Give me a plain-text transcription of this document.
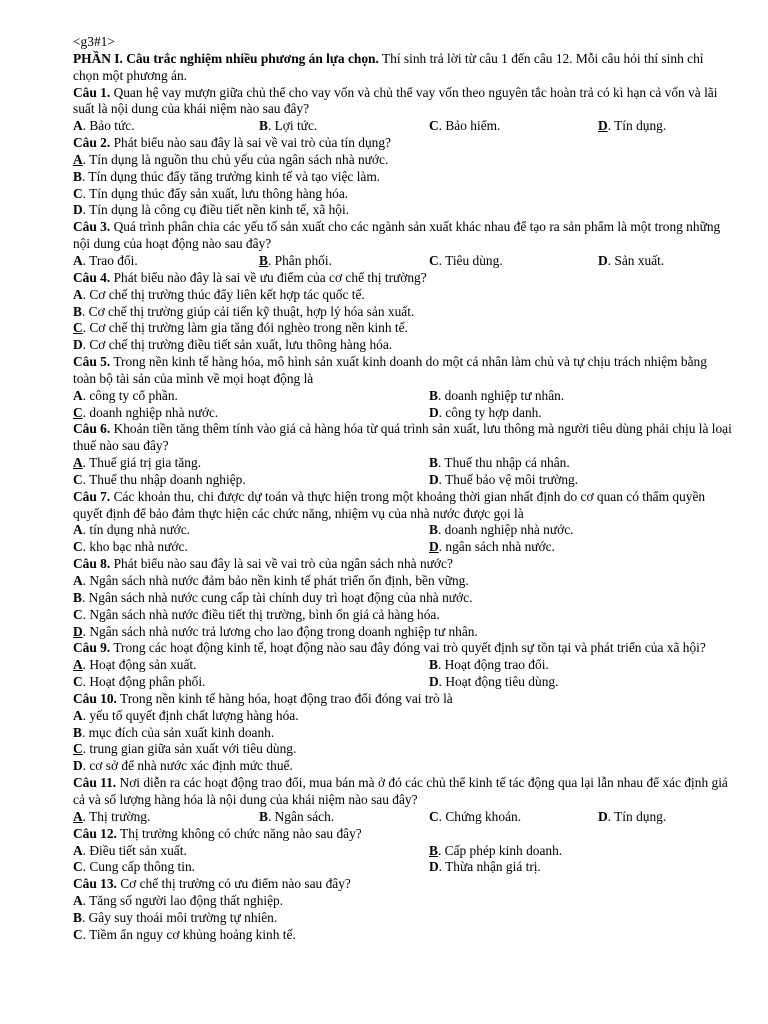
<g3#1>
PHẦN I. Câu trắc nghiệm nhiều phương án lựa chọn. Thí sinh trả lời từ câu 1 đến câu 12. Mỗi câu hỏi thí sinh chỉ chọn một phương án.
Câu 1. Quan hệ vay mượn giữa chủ thể cho vay vốn và chủ thể vay vốn theo nguyên tắc hoàn trả có kì hạn cả vốn và lãi suất là nội dung của khái niệm nào sau đây?
A. Bảo tức.	B. Lợi tức.	C. Bảo hiểm.	D. Tín dụng.
Câu 2. Phát biểu nào sau đây là sai về vai trò của tín dụng?
A. Tín dụng là nguồn thu chủ yếu của ngân sách nhà nước.
B. Tín dụng thúc đẩy tăng trưởng kinh tế và tạo việc làm.
C. Tín dụng thúc đẩy sản xuất, lưu thông hàng hóa.
D. Tín dụng là công cụ điều tiết nền kinh tế, xã hội.
Câu 3. Quá trình phân chia các yếu tố sản xuất cho các ngành sản xuất khác nhau để tạo ra sản phẩm là một trong những nội dung của hoạt động nào sau đây?
A. Trao đổi.	B. Phân phối.	C. Tiêu dùng.	D. Sản xuất.
Câu 4. Phát biểu nào đây là sai về ưu điểm của cơ chế thị trường?
A. Cơ chế thị trường thúc đẩy liên kết hợp tác quốc tế.
B. Cơ chế thị trường giúp cải tiến kỹ thuật, hợp lý hóa sản xuất.
C. Cơ chế thị trường làm gia tăng đói nghèo trong nền kinh tế.
D. Cơ chế thị trường điều tiết sản xuất, lưu thông hàng hóa.
Câu 5. Trong nền kinh tế hàng hóa, mô hình sản xuất kinh doanh do một cá nhân làm chủ và tự chịu trách nhiệm bằng toàn bộ tài sản của mình về mọi hoạt động là
A. công ty cổ phần.	B. doanh nghiệp tư nhân.
C. doanh nghiệp nhà nước.	D. công ty hợp danh.
Câu 6. Khoản tiền tăng thêm tính vào giá cả hàng hóa từ quá trình sản xuất, lưu thông mà người tiêu dùng phải chịu là loại thuế nào sau đây?
A. Thuế giá trị gia tăng.	B. Thuế thu nhập cá nhân.
C. Thuế thu nhập doanh nghiệp.	D. Thuế bảo vệ môi trường.
Câu 7. Các khoản thu, chi được dự toán và thực hiện trong một khoảng thời gian nhất định do cơ quan có thẩm quyền quyết định để bảo đảm thực hiện các chức năng, nhiệm vụ của nhà nước được gọi là
A. tín dụng nhà nước.	B. doanh nghiệp nhà nước.
C. kho bạc nhà nước.	D. ngân sách nhà nước.
Câu 8. Phát biểu nào sau đây là sai về vai trò của ngân sách nhà nước?
A. Ngân sách nhà nước đảm bảo nền kinh tế phát triển ổn định, bền vững.
B. Ngân sách nhà nước cung cấp tài chính duy trì hoạt động của nhà nước.
C. Ngân sách nhà nước điều tiết thị trường, bình ổn giá cả hàng hóa.
D. Ngân sách nhà nước trả lương cho lao động trong doanh nghiệp tư nhân.
Câu 9. Trong các hoạt động kinh tế, hoạt động nào sau đây đóng vai trò quyết định sự tồn tại và phát triển của xã hội?
A. Hoạt động sản xuất.	B. Hoạt động trao đổi.
C. Hoạt động phân phối.	D. Hoạt động tiêu dùng.
Câu 10. Trong nền kinh tế hàng hóa, hoạt động trao đổi đóng vai trò là
A. yếu tố quyết định chất lượng hàng hóa.
B. mục đích của sản xuất kinh doanh.
C. trung gian giữa sản xuất với tiêu dùng.
D. cơ sở để nhà nước xác định mức thuế.
Câu 11. Nơi diễn ra các hoạt động trao đổi, mua bán mà ở đó các chủ thể kinh tế tác động qua lại lẫn nhau để xác định giá cả và số lượng hàng hóa là nội dung của khái niệm nào sau đây?
A. Thị trường.	B. Ngân sách.	C. Chứng khoán.	D. Tín dụng.
Câu 12. Thị trường không có chức năng nào sau đây?
A. Điều tiết sản xuất.	B. Cấp phép kinh doanh.
C. Cung cấp thông tin.	D. Thừa nhận giá trị.
Câu 13. Cơ chế thị trường có ưu điểm nào sau đây?
A. Tăng số người lao động thất nghiệp.
B. Gây suy thoái môi trường tự nhiên.
C. Tiềm ẩn nguy cơ khủng hoảng kinh tế.
